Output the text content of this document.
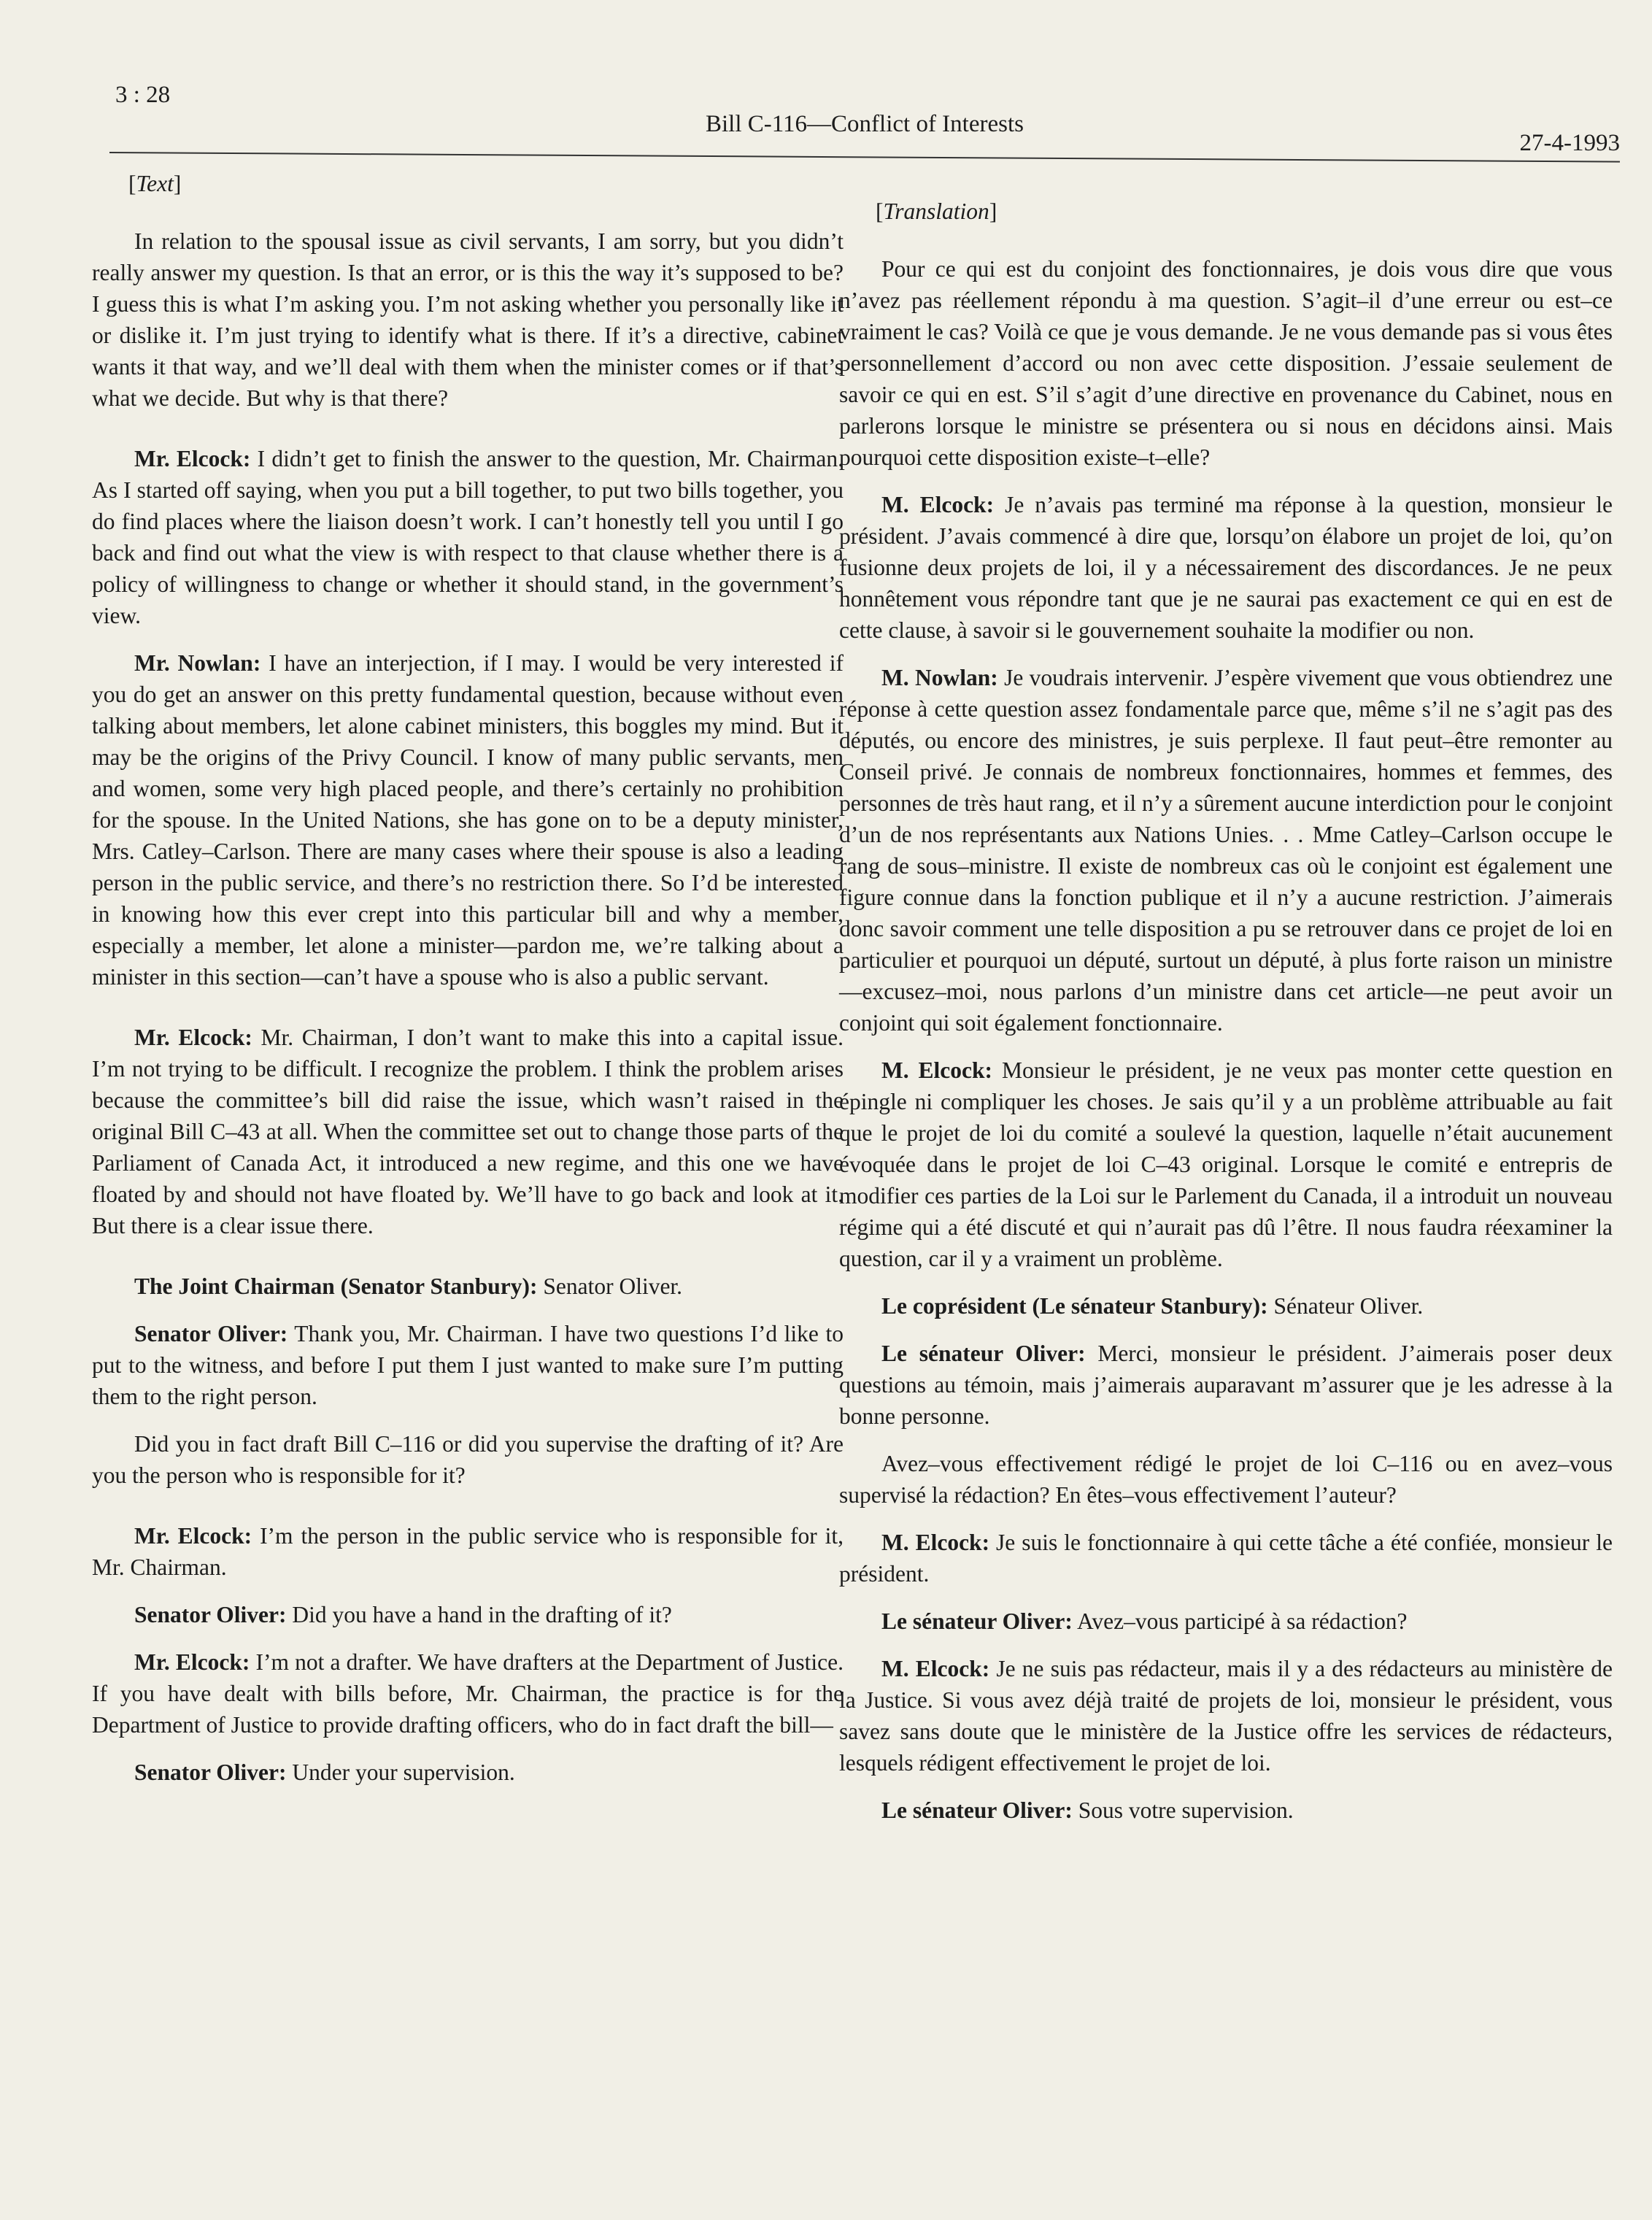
3 : 28
Bill C-116—Conflict of Interests
27-4-1993
[ Text ]

In relation to the spousal issue as civil servants, I am sorry, but you didn’t really answer my question. Is that an error, or is this the way it’s supposed to be? I guess this is what I’m asking you. I’m not asking whether you personally like it or dislike it. I’m just trying to identify what is there. If it’s a directive, cabinet wants it that way, and we’ll deal with them when the minister comes or if that’s what we decide. But why is that there?

Mr. Elcock: I didn’t get to finish the answer to the question, Mr. Chairman. As I started off saying, when you put a bill together, to put two bills together, you do find places where the liaison doesn’t work. I can’t honestly tell you until I go back and find out what the view is with respect to that clause whether there is a policy of willingness to change or whether it should stand, in the government’s view.

Mr. Nowlan: I have an interjection, if I may. I would be very interested if you do get an answer on this pretty fundamental question, because without even talking about members, let alone cabinet ministers, this boggles my mind. But it may be the origins of the Privy Council. I know of many public servants, men and women, some very high placed people, and there’s certainly no prohibition for the spouse. In the United Nations, she has gone on to be a deputy minister, Mrs. Catley–Carlson. There are many cases where their spouse is also a leading person in the public service, and there’s no restriction there. So I’d be interested in knowing how this ever crept into this particular bill and why a member, especially a member, let alone a minister—pardon me, we’re talking about a minister in this section—can’t have a spouse who is also a public servant.

Mr. Elcock: Mr. Chairman, I don’t want to make this into a capital issue. I’m not trying to be difficult. I recognize the problem. I think the problem arises because the committee’s bill did raise the issue, which wasn’t raised in the original Bill C–43 at all. When the committee set out to change those parts of the Parliament of Canada Act, it introduced a new regime, and this one we have floated by and should not have floated by. We’ll have to go back and look at it. But there is a clear issue there.

The Joint Chairman (Senator Stanbury): Senator Oliver.

Senator Oliver: Thank you, Mr. Chairman. I have two questions I’d like to put to the witness, and before I put them I just wanted to make sure I’m putting them to the right person.

Did you in fact draft Bill C–116 or did you supervise the drafting of it? Are you the person who is responsible for it?

Mr. Elcock: I’m the person in the public service who is responsible for it, Mr. Chairman.

Senator Oliver: Did you have a hand in the drafting of it?

Mr. Elcock: I’m not a drafter. We have drafters at the Department of Justice. If you have dealt with bills before, Mr. Chairman, the practice is for the Department of Justice to provide drafting officers, who do in fact draft the bill—

Senator Oliver: Under your supervision.

[ Translation ]

Pour ce qui est du conjoint des fonctionnaires, je dois vous dire que vous n’avez pas réellement répondu à ma question. S’agit–il d’une erreur ou est–ce vraiment le cas? Voilà ce que je vous demande. Je ne vous demande pas si vous êtes personnellement d’accord ou non avec cette disposition. J’essaie seulement de savoir ce qui en est. S’il s’agit d’une directive en provenance du Cabinet, nous en parlerons lorsque le ministre se présentera ou si nous en décidons ainsi. Mais pourquoi cette disposition existe–t–elle?

M. Elcock: Je n’avais pas terminé ma réponse à la question, monsieur le président. J’avais commencé à dire que, lorsqu’on élabore un projet de loi, qu’on fusionne deux projets de loi, il y a nécessairement des discordances. Je ne peux honnêtement vous répondre tant que je ne saurai pas exactement ce qui en est de cette clause, à savoir si le gouvernement souhaite la modifier ou non.

M. Nowlan: Je voudrais intervenir. J’espère vivement que vous obtiendrez une réponse à cette question assez fondamentale parce que, même s’il ne s’agit pas des députés, ou encore des ministres, je suis perplexe. Il faut peut–être remonter au Conseil privé. Je connais de nombreux fonctionnaires, hommes et femmes, des personnes de très haut rang, et il n’y a sûrement aucune interdiction pour le conjoint d’un de nos représentants aux Nations Unies. . . Mme Catley–Carlson occupe le rang de sous–ministre. Il existe de nombreux cas où le conjoint est également une figure connue dans la fonction publique et il n’y a aucune restriction. J’aimerais donc savoir comment une telle disposition a pu se retrouver dans ce projet de loi en particulier et pourquoi un député, surtout un député, à plus forte raison un ministre—excusez–moi, nous parlons d’un ministre dans cet article—ne peut avoir un conjoint qui soit également fonctionnaire.

M. Elcock: Monsieur le président, je ne veux pas monter cette question en épingle ni compliquer les choses. Je sais qu’il y a un problème attribuable au fait que le projet de loi du comité a soulevé la question, laquelle n’était aucunement évoquée dans le projet de loi C–43 original. Lorsque le comité e entrepris de modifier ces parties de la Loi sur le Parlement du Canada, il a introduit un nouveau régime qui a été discuté et qui n’aurait pas dû l’être. Il nous faudra réexaminer la question, car il y a vraiment un problème.

Le coprésident (Le sénateur Stanbury): Sénateur Oliver.

Le sénateur Oliver: Merci, monsieur le président. J’aimerais poser deux questions au témoin, mais j’aimerais auparavant m’assurer que je les adresse à la bonne personne.

Avez–vous effectivement rédigé le projet de loi C–116 ou en avez–vous supervisé la rédaction? En êtes–vous effectivement l’auteur?

M. Elcock: Je suis le fonctionnaire à qui cette tâche a été confiée, monsieur le président.

Le sénateur Oliver: Avez–vous participé à sa rédaction?

M. Elcock: Je ne suis pas rédacteur, mais il y a des rédacteurs au ministère de la Justice. Si vous avez déjà traité de projets de loi, monsieur le président, vous savez sans doute que le ministère de la Justice offre les services de rédacteurs, lesquels rédigent effectivement le projet de loi.

Le sénateur Oliver: Sous votre supervision.
